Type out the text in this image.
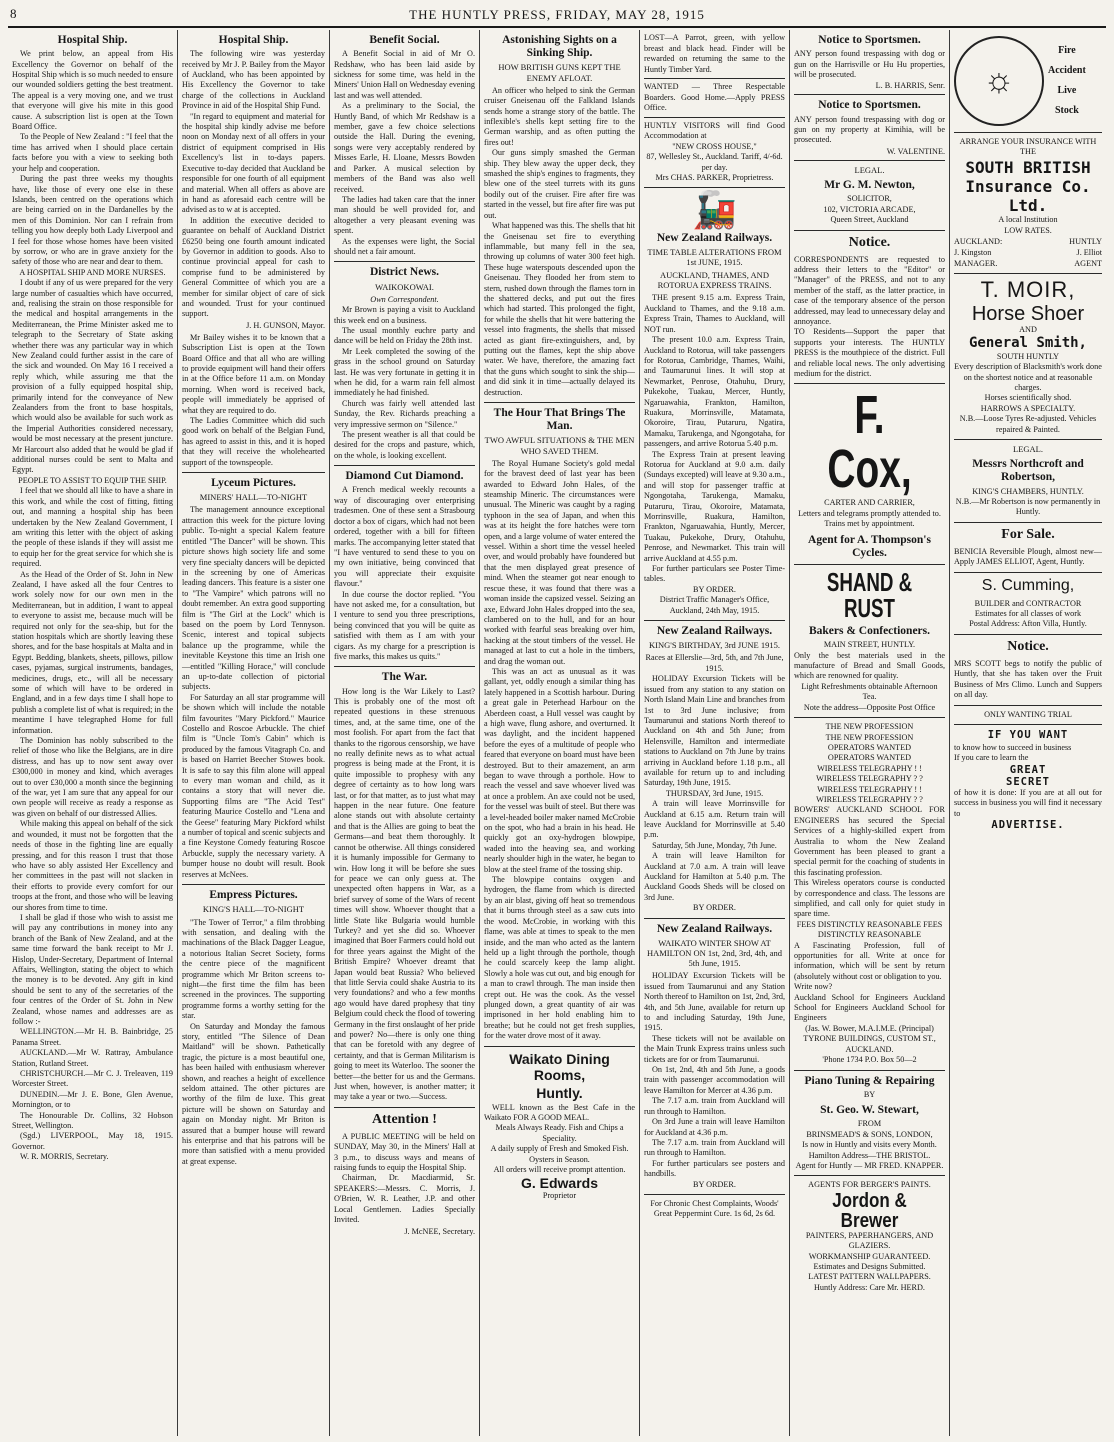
8	THE HUNTLY PRESS, FRIDAY, MAY 28, 1915
Hospital Ship.

We print below, an appeal from His Excellency the Governor on behalf of the Hospital Ship which is so much needed to ensure our wounded soldiers getting the best treatment. The appeal is a very moving one, and we trust that everyone will give his mite in this good cause. A subscription list is open at the Town Board Office.

To the People of New Zealand : "I feel that the time has arrived when I should place certain facts before you with a view to seeking both your help and cooperation.

During the past three weeks my thoughts have, like those of every one else in these Islands, been centred on the operations which are being carried on in the Dardanelles by the men of this Dominion. Nor can I refrain from telling you how deeply both Lady Liverpool and I feel for those whose homes have been visited by sorrow, or who are in grave anxiety for the safety of those who are near and dear to them.

A HOSPITAL SHIP AND MORE NURSES.

I doubt if any of us were prepared for the very large number of casualties which have occurred, and, realising the strain on those responsible for the medical and hospital arrangements in the Mediterranean, the Prime Minister asked me to telegraph to the Secretary of State asking whether there was any particular way in which New Zealand could further assist in the care of the sick and wounded. On May 16 I received a reply which, while assuring me that the provision of a fully equipped hospital ship, primarily intend for the conveyance of New Zealanders from the front to base hospitals, which would also be available for such work as the Imperial Authorities considered necessary, would be most necessary at the present juncture. Mr Harcourt also added that he would be glad if additional nurses could be sent to Malta and Egypt.

PEOPLE TO ASSIST TO EQUIP THE SHIP.

I feel that we should all like to have a share in this work, and while the cost of fitting, fitting out, and manning a hospital ship has been undertaken by the New Zealand Government, I am writing this letter with the object of asking the people of these islands if they will assist me to equip her for the great service for which she is required.

As the Head of the Order of St. John in New Zealand, I have asked all the four Centres to work solely now for our own men in the Mediterranean, but in addition, I want to appeal to everyone to assist me, because much will be required not only for the sea-ship, but for the station hospitals which are shortly leaving these shores, and for the base hospitals at Malta and in Egypt. Bedding, blankets, sheets, pillows, pillow cases, pyjamas, surgical instruments, bandages, medicines, drugs, etc., will all be necessary some of which will have to be ordered in England, and in a few days time I shall hope to publish a complete list of what is required; in the meantime I have telegraphed Home for full information.

The Dominion has nobly subscribed to the relief of those who like the Belgians, are in dire distress, and has up to now sent away over £300,000 in money and kind, which averages out to over £30,000 a month since the beginning of the war, yet I am sure that any appeal for our own people will receive as ready a response as was given on behalf of our distressed Allies.

While making this appeal on behalf of the sick and wounded, it must not be forgotten that the needs of those in the fighting line are equally pressing, and for this reason I trust that those who have so ably assisted Her Excellency and her committees in the past will not slacken in their efforts to provide every comfort for our troops at the front, and those who will be leaving our shores from time to time.

I shall be glad if those who wish to assist me will pay any contributions in money into any branch of the Bank of New Zealand, and at the same time forward the bank receipt to Mr J. Hislop, Under-Secretary, Department of Internal Affairs, Wellington, stating the object to which the money is to be devoted. Any gift in kind should be sent to any of the secretaries of the four centres of the Order of St. John in New Zealand, whose names and addresses are as follow :-

WELLINGTON.—Mr H. B. Bainbridge, 25 Panama Street.

AUCKLAND.—Mr W. Rattray, Ambulance Station, Rutland Street.

CHRISTCHURCH.—Mr C. J. Treleaven, 119 Worcester Street.

DUNEDIN.—Mr J. E. Bone, Glen Avenue, Mornington, or to

The Honourable Dr. Collins, 32 Hobson Street, Wellington.

(Sgd.) LIVERPOOL, May 18, 1915. Governor.

W. R. MORRIS, Secretary.

Hospital Ship.

The following wire was yesterday received by Mr J. P. Bailey from the Mayor of Auckland, who has been appointed by His Excellency the Governor to take charge of the collections in Auckland Province in aid of the Hospital Ship Fund.

"In regard to equipment and material for the hospital ship kindly advise me before noon on Monday next of all offers in your district of equipment comprised in His Excellency's list in to-days papers. Executive to-day decided that Auckland be responsible for one fourth of all equipment and material. When all offers as above are in hand as aforesaid each centre will be advised as to w at is accepted.

In addition the executive decided to guarantee on behalf of Auckland District £6250 being one fourth amount indicated by Governor in addition to goods. Also to continue provincial appeal for cash to comprise fund to be administered by General Committee of which you are a member for similar object of care of sick and wounded. Trust for your continued support.

J. H. GUNSON, Mayor.

Mr Bailey wishes it to be known that a Subscription List is open at the Town Board Office and that all who are willing to provide equipment will hand their offers in at the Office before 11 a.m. on Monday morning. When word is received back, people will immediately be apprised of what they are required to do.

The Ladies Committee which did such good work on behalf of the Belgian Fund, has agreed to assist in this, and it is hoped that they will receive the wholehearted support of the townspeople.

Lyceum Pictures.
MINERS' HALL—TO-NIGHT

The management announce exceptional attraction this week for the picture loving public. To-night a special Kalem feature entitled "The Dancer" will be shown. This picture shows high society life and some very fine specialty dancers will be depicted in the screening by one of Americas leading dancers. This feature is a sister one to "The Vampire" which patrons will no doubt remember. An extra good supporting film is "The Girl at the Lock" which is based on the poem by Lord Tennyson. Scenic, interest and topical subjects balance up the programme, while the inevitable Keystone this time an Irish one—entitled "Killing Horace," will conclude an up-to-date collection of pictorial subjects.

For Saturday an all star programme will be shown which will include the notable film favourites "Mary Pickford." Maurice Costello and Roscoe Arbuckle. The chief film is "Uncle Tom's Cabin" which is produced by the famous Vitagraph Co. and is based on Harriet Beecher Stowes book. It is safe to say this film alone will appeal to every man woman and child, as it contains a story that will never die. Supporting films are "The Acid Test" featuring Maurice Costello and "Lena and the Geese" featuring Mary Pickford whilst a number of topical and scenic subjects and a fine Keystone Comedy featuring Roscoe Arbuckle, supply the necessary variety. A bumper house no doubt will result. Book reserves at McNees.

Empress Pictures.
KING'S HALL—TO-NIGHT

"The Tower of Terror," a film throbbing with sensation, and dealing with the machinations of the Black Dagger League, a notorious Italian Secret Society, forms the centre piece of the magnificent programme which Mr Briton screens to-night—the first time the film has been screened in the provinces. The supporting programme forms a worthy setting for the star.

On Saturday and Monday the famous story, entitled "The Silence of Dean Maitland" will be shown. Pathetically tragic, the picture is a most beautiful one, has been hailed with enthusiasm wherever shown, and reaches a height of excellence seldom attained. The other pictures are worthy of the film de luxe. This great picture will be shown on Saturday and again on Monday night. Mr Briton is assured that a bumper house will reward his enterprise and that his patrons will be more than satisfied with a menu provided at great expense.

Benefit Social.

A Benefit Social in aid of Mr O. Redshaw, who has been laid aside by sickness for some time, was held in the Miners' Union Hall on Wednesday evening last and was well attended.

As a preliminary to the Social, the Huntly Band, of which Mr Redshaw is a member, gave a few choice selections outside the Hall. During the evening, songs were very acceptably rendered by Misses Earle, H. Lloane, Messrs Bowden and Parker. A musical selection by members of the Band was also well received.

The ladies had taken care that the inner man should be well provided for, and altogether a very pleasant evening was spent.

As the expenses were light, the Social should net a fair amount.

District News.
WAIKOKOWAI.

Own Correspondent.

Mr Brown is paying a visit to Auckland this week end on a business.

The usual monthly euchre party and dance will be held on Friday the 28th inst.

Mr Leek completed the sowing of the grass in the school ground on Saturday last. He was very fortunate in getting it in when he did, for a warm rain fell almost immediately he had finished.

Church was fairly well attended last Sunday, the Rev. Richards preaching a very impressive sermon on "Silence."

The present weather is all that could be desired for the crops and pasture, which, on the whole, is looking excellent.

Diamond Cut Diamond.

A French medical weekly recounts a way of discouraging over enterprising tradesmen. One of these sent a Strasbourg doctor a box of cigars, which had not been ordered, together with a bill for fifteen marks. The accompanying letter stated that "I have ventured to send these to you on my own initiative, being convinced that you will appreciate their exquisite flavour."

In due course the doctor replied. "You have not asked me, for a consultation, but I venture to send you three prescriptions, being convinced that you will be quite as satisfied with them as I am with your cigars. As my charge for a prescription is five marks, this makes us quits."

The War.

How long is the War Likely to Last? This is probably one of the most oft repeated questions in these strenuous times, and, at the same time, one of the most foolish. For apart from the fact that thanks to the rigorous censorship, we have no really definite news as to what actual progress is being made at the Front, it is quite impossible to prophesy with any degree of certainty as to how long wars last, or for that matter, as to just what may happen in the near future. One feature alone stands out with absolute certainty and that is the Allies are going to beat the Germans—and beat them thoroughly. It cannot be otherwise. All things considered it is humanly impossible for Germany to win. How long it will be before she sues for peace we can only guess at. The unexpected often happens in War, as a brief survey of some of the Wars of recent times will show. Whoever thought that a little State like Bulgaria would humble Turkey? and yet she did so. Whoever imagined that Boer Farmers could hold out for three years against the Might of the British Empire? Whoever dreamt that Japan would beat Russia? Who believed that little Servia could shake Austria to its very foundations? and who a few months ago would have dared prophesy that tiny Belgium could check the flood of towering Germany in the first onslaught of her pride and power? No—there is only one thing that can be foretold with any degree of certainty, and that is German Militarism is going to meet its Waterloo. The sooner the better—the better for us and the Germans. Just when, however, is another matter; it may take a year or two.—Success.

Attention !

A PUBLIC MEETING will be held on SUNDAY, May 30, in the Miners' Hall at 3 p.m., to discuss ways and means of raising funds to equip the Hospital Ship.

Chairman, Dr. Macdiarmid, Sr. SPEAKERS:—Messrs. C. Morris, J. O'Brien, W. R. Leather, J.P. and other Local Gentlemen. Ladies Specially Invited.

J. McNEE, Secretary.
Astonishing Sights on a Sinking Ship.
HOW BRITISH GUNS KEPT THE ENEMY AFLOAT.

An officer who helped to sink the German cruiser Gneisenau off the Falkland Islands sends home a strange story of the battle. The inflexible's shells kept setting fire to the German warship, and as often putting the fires out!

Our guns simply smashed the German ship. They blew away the upper deck, they smashed the ship's engines to fragments, they blew one of the steel turrets with its guns bodily out of the cruiser. Fire after fire was started in the vessel, but fire after fire was put out.

What happened was this. The shells that hit the Gneisenau set fire to everything inflammable, but many fell in the sea, throwing up columns of water 300 feet high. These huge waterspouts descended upon the Gneisenau. They flooded her from stem to stern, rushed down through the flames torn in the shattered decks, and put out the fires which had started. This prolonged the fight, for while the shells that hit were battering the vessel into fragments, the shells that missed acted as giant fire-extinguishers, and, by putting out the flames, kept the ship above water. We have, therefore, the amazing fact that the guns which sought to sink the ship—and did sink it in time—actually delayed its destruction.

The Hour That Brings The Man.
TWO AWFUL SITUATIONS & THE MEN WHO SAVED THEM.

The Royal Humane Society's gold medal for the bravest deed of last year has been awarded to Edward John Hales, of the steamship Mineric. The circumstances were unusual. The Mineric was caught by a raging typhoon in the sea of Japan, and when this was at its height the fore hatches were torn open, and a large volume of water entered the vessel. Within a short time the vessel heeled over, and would probably have foundered but that the men displayed great presence of mind. When the steamer got near enough to rescue these, it was found that there was a woman inside the capsized vessel. Seizing an axe, Edward John Hales dropped into the sea, clambered on to the hull, and for an hour worked with fearful seas breaking over him, hacking at the stout timbers of the vessel. He managed at last to cut a hole in the timbers, and drag the woman out.

This was an act as unusual as it was gallant, yet, oddly enough a similar thing has lately happened in a Scottish harbour. During a great gale in Peterhead Harbour on the Aberdeen coast, a Hull vessel was caught by a high wave, flung ashore, and overturned. It was daylight, and the incident happened before the eyes of a multitude of people who feared that everyone on board must have been destroyed. But to their amazement, an arm began to wave through a porthole. How to reach the vessel and save whoever lived was at once a problem. An axe could not be used, for the vessel was built of steel. But there was a level-headed boiler maker named McCrobie on the spot, who had a brain in his head. He quickly got an oxy-hydrogen blowpipe, waded into the heaving sea, and working nearly shoulder high in the water, he began to blow at the steel frame of the tossing ship.

The blowpipe contains oxygen and hydrogen, the flame from which is directed by an air blast, giving off heat so tremendous that it burns through steel as a saw cuts into the wood. McCrobie, in working with this flame, was able at times to speak to the men inside, and the man who acted as the lantern held up a light through the porthole, though he could scarcely keep the lamp alight. Slowly a hole was cut out, and big enough for a man to crawl through. The man inside then crept out. He was the cook. As the vessel plunged down, a great quantity of air was imprisoned in her hold enabling him to breathe; but he could not get fresh supplies, for the water drove most of it away.

Waikato Dining Rooms,
Huntly.

WELL known as the Best Cafe in the Waikato FOR A GOOD MEAL.

Meals Always Ready. Fish and Chips a Speciality.

A daily supply of Fresh and Smoked Fish.

Oysters in Season.

All orders will receive prompt attention.

G. Edwards

Proprietor

LOST—A Parrot, green, with yellow breast and black head. Finder will be rewarded on returning the same to the Huntly Timber Yard.

WANTED — Three Respectable Boarders. Good Home.—Apply PRESS Office.

HUNTLY VISITORS will find Good Accommodation at

"NEW CROSS HOUSE,"

87, Wellesley St., Auckland. Tariff, 4/-6d. per day.

Mrs CHAS. PARKER, Proprietress.

🚂
New Zealand Railways.
TIME TABLE ALTERATIONS FROM 1st JUNE, 1915.
AUCKLAND, THAMES, AND ROTORUA EXPRESS TRAINS.

THE present 9.15 a.m. Express Train, Auckland to Thames, and the 9.18 a.m. Express Train, Thames to Auckland, will NOT run.

The present 10.0 a.m. Express Train, Auckland to Rotorua, will take passengers for Rotorua, Cambridge, Thames, Waihi, and Taumarunui lines. It will stop at Newmarket, Penrose, Otahuhu, Drury, Pukekohe, Tuakau, Mercer, Huntly, Ngaruawahia, Frankton, Hamilton, Ruakura, Morrinsville, Matamata, Okoroire, Tirau, Putaruru, Ngatira, Mamaku, Tarukenga, and Ngongotaha, for passengers, and arrive Rotorua 5.40 p.m.

The Express Train at present leaving Rotorua for Auckland at 9.0 a.m. daily (Sundays excepted) will leave at 9.30 a.m., and will stop for passenger traffic at Ngongotaha, Tarukenga, Mamaku, Putaruru, Tirau, Okoroire, Matamata, Morrinsville, Ruakura, Hamilton, Frankton, Ngaruawahia, Huntly, Mercer, Tuakau, Pukekohe, Drury, Otahuhu, Penrose, and Newmarket. This train will arrive Auckland at 4.55 p.m.

For further particulars see Poster Time-tables.

BY ORDER.

District Traffic Manager's Office, Auckland, 24th May, 1915.

New Zealand Railways.
KING'S BIRTHDAY, 3rd JUNE 1915.

Races at Ellerslie—3rd, 5th, and 7th June, 1915.

HOLIDAY Excursion Tickets will be issued from any station to any station on North Island Main Line and branches from 1st to 3rd June inclusive; from Taumarunui and stations North thereof to Auckland on 4th and 5th June; from Helensville, Hamilton and intermediate stations to Auckland on 7th June by trains arriving in Auckland before 1.18 p.m., all available for return up to and including Saturday, 19th June, 1915.

THURSDAY, 3rd June, 1915.

A train will leave Morrinsville for Auckland at 6.15 a.m. Return train will leave Auckland for Morrinsville at 5.40 p.m.

Saturday, 5th June, Monday, 7th June.

A train will leave Hamilton for Auckland at 7.0 a.m. A train will leave Auckland for Hamilton at 5.40 p.m. The Auckland Goods Sheds will be closed on 3rd June.

BY ORDER.

New Zealand Railways.
WAIKATO WINTER SHOW AT HAMILTON ON 1st, 2nd, 3rd, 4th, and 5th June, 1915.

HOLIDAY Excursion Tickets will be issued from Taumarunui and any Station North thereof to Hamilton on 1st, 2nd, 3rd, 4th, and 5th June, available for return up to and including Saturday, 19th June, 1915.

These tickets will not be available on the Main Trunk Express trains unless such tickets are for or from Taumarunui.

On 1st, 2nd, 4th and 5th June, a goods train with passenger accommodation will leave Hamilton for Mercer at 4.36 p.m.

The 7.17 a.m. train from Auckland will run through to Hamilton.

On 3rd June a train will leave Hamilton for Auckland at 4.36 p.m.

The 7.17 a.m. train from Auckland will run through to Hamilton.

For further particulars see posters and handbills.

BY ORDER.

For Chronic Chest Complaints, Woods' Great Peppermint Cure. 1s 6d, 2s 6d.

Notice to Sportsmen.

ANY person found trespassing with dog or gun on the Harrisville or Hu Hu properties, will be prosecuted.

L. B. HARRIS, Senr.
Notice to Sportsmen.

ANY person found trespassing with dog or gun on my property at Kimihia, will be prosecuted.

W. VALENTINE.
LEGAL.
Mr G. M. Newton,

SOLICITOR,

102, VICTORIA ARCADE,

Queen Street, Auckland

Notice.

CORRESPONDENTS are requested to address their letters to the "Editor" or "Manager" of the PRESS, and not to any member of the staff, as the latter practice, in case of the temporary absence of the person addressed, may lead to unnecessary delay and annoyance.

TO Residents—Support the paper that supports your interests. The HUNTLY PRESS is the mouthpiece of the district. Full and reliable local news. The only advertising medium for the district.

F. Cox,

CARTER AND CARRIER,

Letters and telegrams promptly attended to.

Trains met by appointment.

Agent for A. Thompson's Cycles.
SHAND & RUST
Bakers & Confectioners.

MAIN STREET, HUNTLY.

Only the best materials used in the manufacture of Bread and Small Goods, which are renowned for quality.

Light Refreshments obtainable Afternoon Tea.

Note the address—Opposite Post Office

THE NEW PROFESSION

THE NEW PROFESSION

OPERATORS WANTED

OPERATORS WANTED

WIRELESS TELEGRAPHY ! !

WIRELESS TELEGRAPHY ? ?

WIRELESS TELEGRAPHY ! !

WIRELESS TELEGRAPHY ? ?

BOWERS' AUCKLAND SCHOOL FOR ENGINEERS has secured the Special Services of a highly-skilled expert from Australia to whom the New Zealand Government has been pleased to grant a special permit for the coaching of students in this fascinating profession.

This Wireless operators course is conducted by correspondence and class. The lessons are simplified, and call only for quiet study in spare time.

FEES DISTINCTLY REASONABLE FEES DISTINCTLY REASONABLE

A Fascinating Profession, full of opportunities for all. Write at once for information, which will be sent by return (absolutely without cost or obligation to you.

Write now?

Auckland School for Engineers Auckland School for Engineers Auckland School for Engineers

(Jas. W. Bower, M.A.I.M.E. (Principal)

TYRONE BUILDINGS, CUSTOM ST., AUCKLAND.

'Phone 1734 P.O. Box 50—2

Piano Tuning & Repairing

BY

St. Geo. W. Stewart,

FROM

BRINSMEAD'S & SONS, LONDON,

Is now in Huntly and visits every Month.

Hamilton Address—THE BRISTOL.

Agent for Huntly — MR FRED. KNAPPER.

AGENTS FOR BERGER'S PAINTS.

Jordon & Brewer

PAINTERS, PAPERHANGERS, AND GLAZIERS.

WORKMANSHIP GUARANTEED.

Estimates and Designs Submitted.

LATEST PATTERN WALLPAPERS.

Huntly Address: Care Mr. HERD.

☼
Fire
Accident
Live
Stock

ARRANGE YOUR INSURANCE WITH THE

SOUTH BRITISH
Insurance Co. Ltd.

A local Institution

LOW RATES.

AUCKLAND:	HUNTLY
J. Kingston	J. Elliot
MANAGER.	AGENT
T. MOIR,
Horse Shoer

AND

General Smith,

SOUTH HUNTLY

Every description of Blacksmith's work done on the shortest notice and at reasonable charges.

Horses scientifically shod.

HARROWS A SPECIALTY.

N.B.—Loose Tyres Re-adjusted. Vehicles repaired & Painted.

LEGAL.
Messrs Northcroft and Robertson,

KING'S CHAMBERS, HUNTLY.

N.B.—Mr Robertson is now permanently in Huntly.

For Sale.

BENICIA Reversible Plough, almost new—Apply JAMES ELLIOT, Agent, Huntly.

S. Cumming,

BUILDER and CONTRACTOR

Estimates for all classes of work

Postal Address: Afton Villa, Huntly.

Notice.

MRS SCOTT begs to notify the public of Huntly, that she has taken over the Fruit Business of Mrs Climo. Lunch and Suppers on all day.

ONLY WANTING TRIAL

IF YOU WANT

to know how to succeed in business

If you care to learn the

GREAT
SECRET

of how it is done: If you are at all out for success in business you will find it necessary to

ADVERTISE.
